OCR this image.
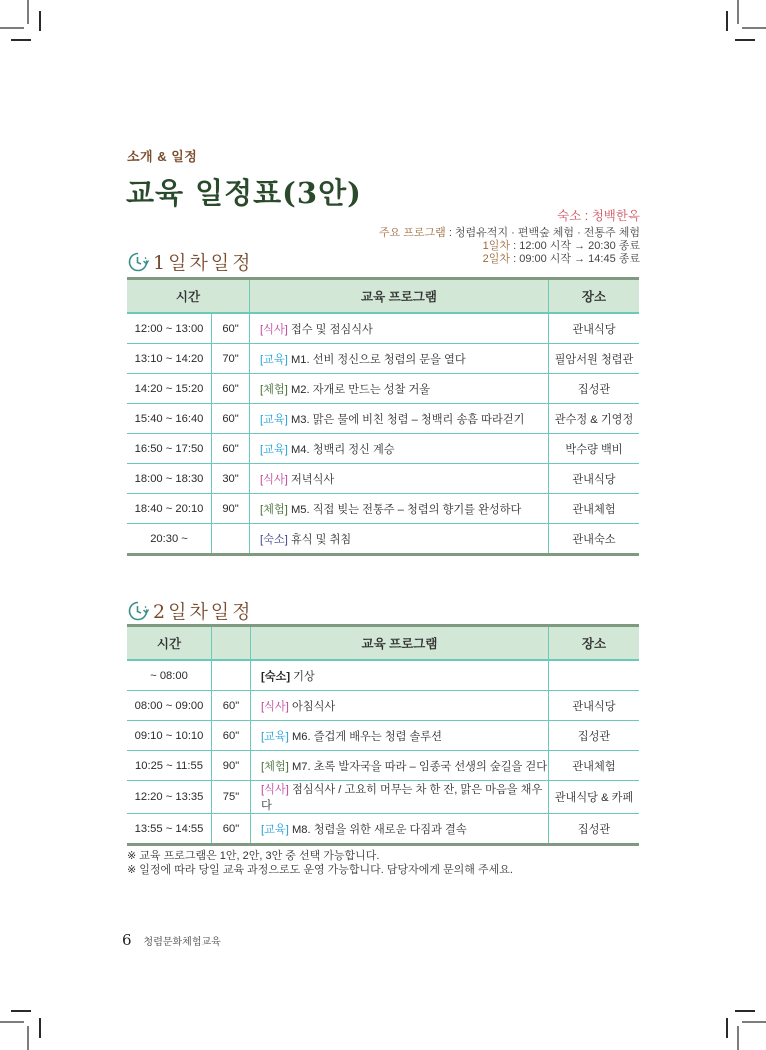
소개 & 일정
교육 일정표(3안)
숙소 : 청백한옥
주요 프로그램 : 청렴유적지 · 편백숲 체험 · 전통주 체험
1일차 : 12:00 시작 → 20:30 종료
2일차 : 09:00 시작 → 14:45 종료
1일차일정
시간		교육 프로그램	장소
12:00 ~ 13:00	60"	[식사] 접수 및 점심식사	관내식당
13:10 ~ 14:20	70"	[교육] M1. 선비 정신으로 청렴의 문을 열다	필암서원 청렴관
14:20 ~ 15:20	60"	[체험] M2. 자개로 만드는 성찰 거울	집성관
15:40 ~ 16:40	60"	[교육] M3. 맑은 물에 비친 청렴 – 청백리 송흠 따라걷기	관수정 & 기영정
16:50 ~ 17:50	60"	[교육] M4. 청백리 정신 계승	박수량 백비
18:00 ~ 18:30	30"	[식사] 저녁식사	관내식당
18:40 ~ 20:10	90"	[체험] M5. 직접 빚는 전통주 – 청렴의 향기를 완성하다	관내체험
20:30 ~		[숙소] 휴식 및 취침	관내숙소
2일차일정
시간		교육 프로그램	장소
~ 08:00		[숙소] 기상	
08:00 ~ 09:00	60"	[식사] 아침식사	관내식당
09:10 ~ 10:10	60"	[교육] M6. 즐겁게 배우는 청렴 솔루션	집성관
10:25 ~ 11:55	90"	[체험] M7. 초록 발자국을 따라 – 임종국 선생의 숲길을 걷다	관내체험
12:20 ~ 13:35	75"	[식사] 점심식사 / 고요히 머무는 차 한 잔, 맑은 마음을 채우다	관내식당 & 카페
13:55 ~ 14:55	60"	[교육] M8. 청렴을 위한 새로운 다짐과 결속	집성관
※ 교육 프로그램은 1안, 2안, 3안 중 선택 가능합니다.
※ 일정에 따라 당일 교육 과정으로도 운영 가능합니다. 담당자에게 문의해 주세요.
6 청렴문화체험교육
